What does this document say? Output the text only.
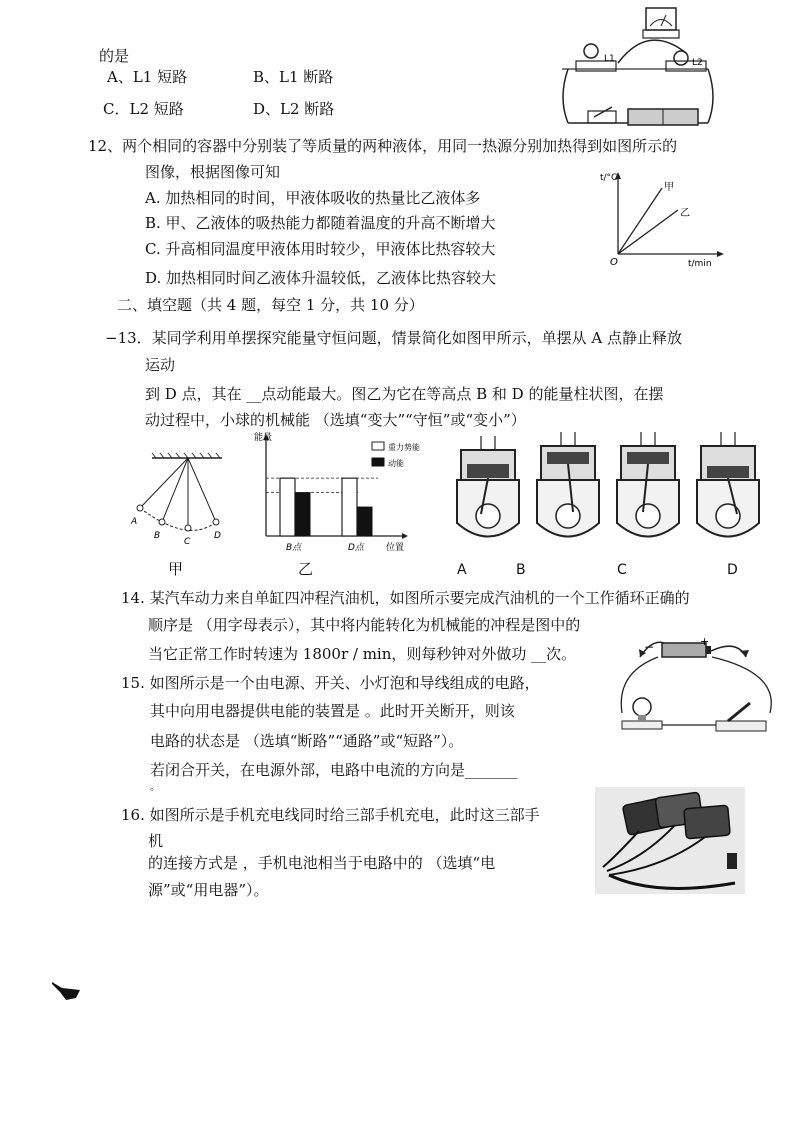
的是
A、L1 短路	B、L1 断路
C．L2 短路	D、L2 断路
L1	L2
12、两个相同的容器中分别装了等质量的两种液体，用同一热源分别加热得到如图所示的
图像，根据图像可知
A. 加热相同的时间，甲液体吸收的热量比乙液体多
B. 甲、乙液体的吸热能力都随着温度的升高不断增大
C. 升高相同温度甲液体用时较少，甲液体比热容较大
D. 加热相同时间乙液体升温较低，乙液体比热容较大
t/°C
t/min
O
甲
乙
二、填空题（共 4 题，每空 1 分，共 10 分）
−13．某同学利用单摆探究能量守恒问题，情景简化如图甲所示，单摆从 A 点静止释放
运动
到 D 点，其在 __点动能最大。图乙为它在等高点 B 和 D 的能量柱状图，在摆
动过程中，小球的机械能 （选填“变大”“守恒”或“变小”）
A
B
C
D
甲
能量
位置
B点	D点
重力势能
动能
乙	A	B	C	D
14. 某汽车动力来自单缸四冲程汽油机，如图所示要完成汽油机的一个工作循环正确的
顺序是 （用字母表示），其中将内能转化为机械能的冲程是图中的
当它正常工作时转速为 1800r / min，则每秒钟对外做功 __次。
15. 如图所示是一个由电源、开关、小灯泡和导线组成的电路，
其中向用电器提供电能的装置是 。此时开关断开，则该
电路的状态是 （选填“断路”“通路”或“短路”）。
若闭合开关，在电源外部，电路中电流的方向是_______
。
−	+
16. 如图所示是手机充电线同时给三部手机充电，此时这三部手
机
的连接方式是 ，手机电池相当于电路中的 （选填“电
源”或“用电器”）。
